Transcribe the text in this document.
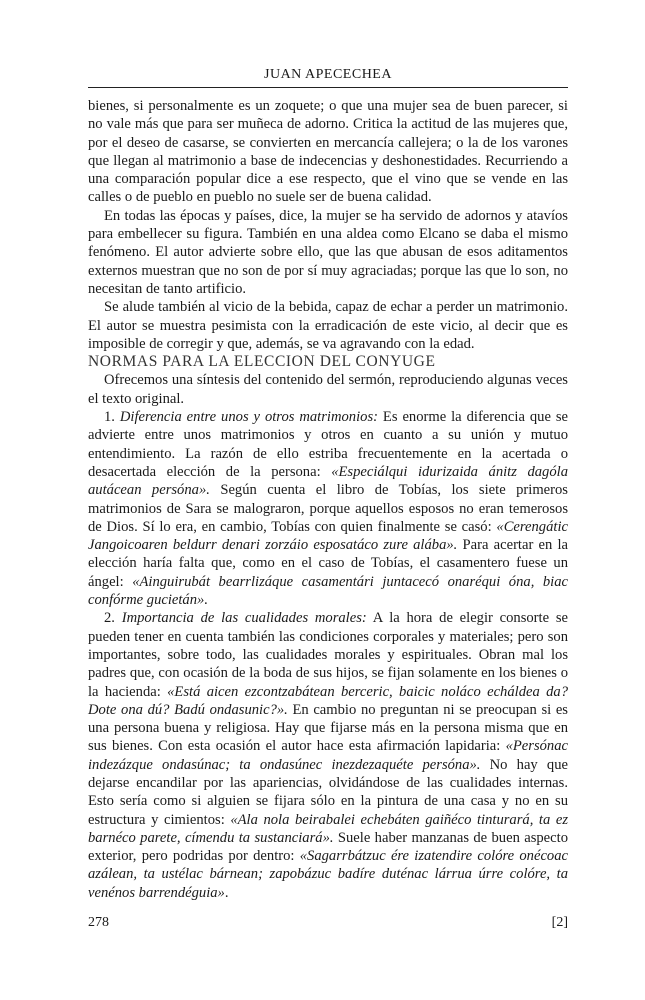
JUAN APECECHEA

bienes, si personalmente es un zoquete; o que una mujer sea de buen parecer, si no vale más que para ser muñeca de adorno. Critica la actitud de las mujeres que, por el deseo de casarse, se convierten en mercancía callejera; o la de los varones que llegan al matrimonio a base de indecencias y deshonestidades. Recurriendo a una comparación popular dice a ese respecto, que el vino que se vende en las calles o de pueblo en pueblo no suele ser de buena calidad.

En todas las épocas y países, dice, la mujer se ha servido de adornos y atavíos para embellecer su figura. También en una aldea como Elcano se daba el mismo fenómeno. El autor advierte sobre ello, que las que abusan de esos aditamentos externos muestran que no son de por sí muy agraciadas; porque las que lo son, no necesitan de tanto artificio.

Se alude también al vicio de la bebida, capaz de echar a perder un matrimonio. El autor se muestra pesimista con la erradicación de este vicio, al decir que es imposible de corregir y que, además, se va agravando con la edad.

NORMAS PARA LA ELECCION DEL CONYUGE

Ofrecemos una síntesis del contenido del sermón, reproduciendo algunas veces el texto original.

1. Diferencia entre unos y otros matrimonios: Es enorme la diferencia que se advierte entre unos matrimonios y otros en cuanto a su unión y mutuo entendimiento. La razón de ello estriba frecuentemente en la acertada o desacertada elección de la persona: «Especiálqui idurizaida ánitz dagóla autácean persóna». Según cuenta el libro de Tobías, los siete primeros matrimonios de Sara se malograron, porque aquellos esposos no eran temerosos de Dios. Sí lo era, en cambio, Tobías con quien finalmente se casó: «Cerengátic Jangoicoaren beldurr denari zorzáio esposatáco zure alába». Para acertar en la elección haría falta que, como en el caso de Tobías, el casamentero fuese un ángel: «Ainguirubát bearrlizáque casamentári juntacecó onaréqui óna, biac confórme gucietán».

2. Importancia de las cualidades morales: A la hora de elegir consorte se pueden tener en cuenta también las condiciones corporales y materiales; pero son importantes, sobre todo, las cualidades morales y espirituales. Obran mal los padres que, con ocasión de la boda de sus hijos, se fijan solamente en los bienes o la hacienda: «Está aicen ezcontzabátean berceric, baicic noláco echáldea da? Dote ona dú? Badú ondasunic?». En cambio no preguntan ni se preocupan si es una persona buena y religiosa. Hay que fijarse más en la persona misma que en sus bienes. Con esta ocasión el autor hace esta afirmación lapidaria: «Persónac indezázque ondasúnac; ta ondasúnec inezdezaquéte persóna». No hay que dejarse encandilar por las apariencias, olvidándose de las cualidades internas. Esto sería como si alguien se fijara sólo en la pintura de una casa y no en su estructura y cimientos: «Ala nola beirabalei echebáten gaiñéco tinturará, ta ez barnéco parete, címendu ta sustanciará». Suele haber manzanas de buen aspecto exterior, pero podridas por dentro: «Sagarrbátzuc ére izatendire colóre onécoac azálean, ta ustélac bárnean; zapobázuc badíre duténac lárrua úrre colóre, ta venénos barrendéguia».

278	[2]
